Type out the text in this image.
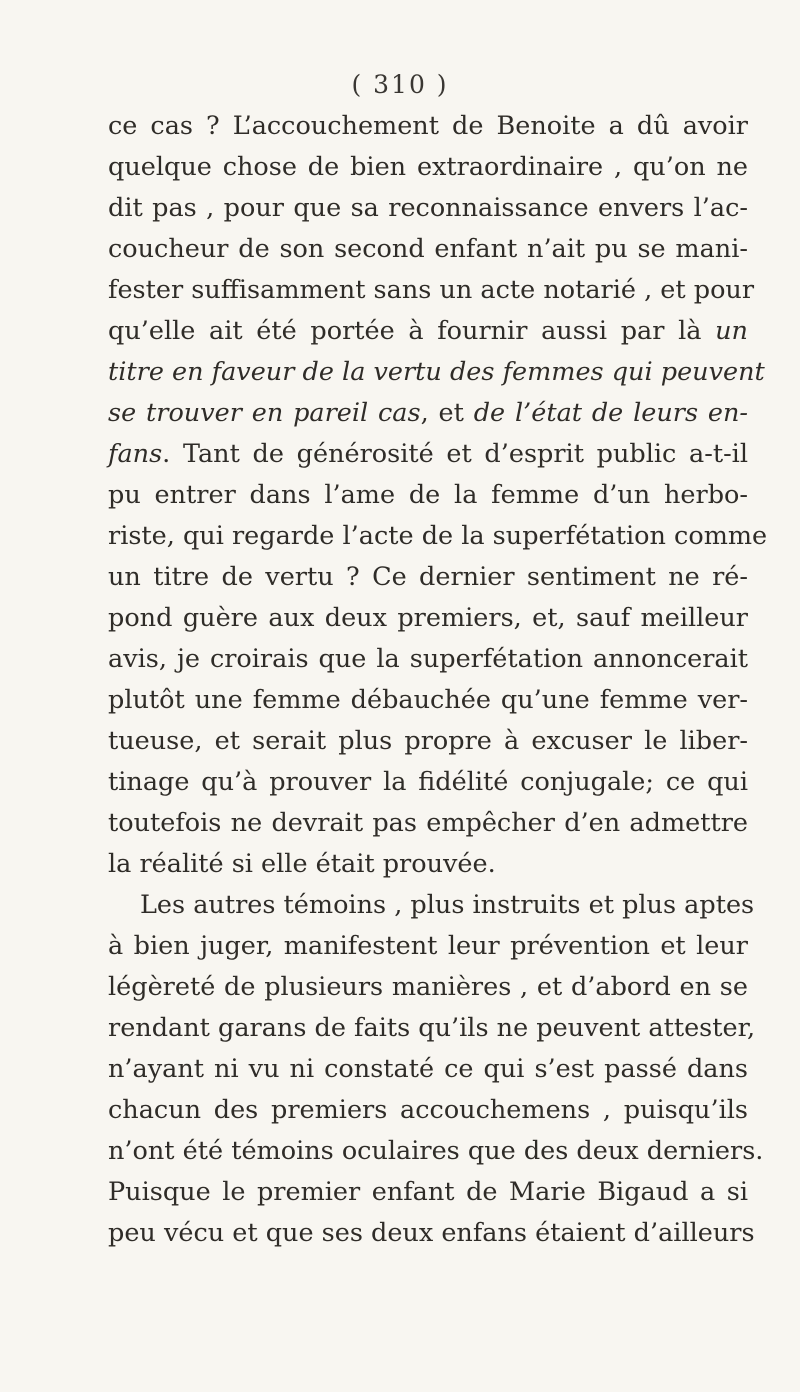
( 310 )
ce cas ? L’accouchement de Benoite a dû avoir
quelque chose de bien extraordinaire , qu’on ne
dit pas , pour que sa reconnaissance envers l’ac-
coucheur de son second enfant n’ait pu se mani-
fester suffisamment sans un acte notarié , et pour
qu’elle ait été portée à fournir aussi par là un
titre en faveur de la vertu des femmes qui peuvent
se trouver en pareil cas, et de l’état de leurs en-
fans. Tant de générosité et d’esprit public a-t-il
pu entrer dans l’ame de la femme d’un herbo-
riste, qui regarde l’acte de la superfétation comme
un titre de vertu ? Ce dernier sentiment ne ré-
pond guère aux deux premiers, et, sauf meilleur
avis, je croirais que la superfétation annoncerait
plutôt une femme débauchée qu’une femme ver-
tueuse, et serait plus propre à excuser le liber-
tinage qu’à prouver la fidélité conjugale; ce qui
toutefois ne devrait pas empêcher d’en admettre
la réalité si elle était prouvée.
Les autres témoins , plus instruits et plus aptes
à bien juger, manifestent leur prévention et leur
légèreté de plusieurs manières , et d’abord en se
rendant garans de faits qu’ils ne peuvent attester,
n’ayant ni vu ni constaté ce qui s’est passé dans
chacun des premiers accouchemens , puisqu’ils
n’ont été témoins oculaires que des deux derniers.
Puisque le premier enfant de Marie Bigaud a si
peu vécu et que ses deux enfans étaient d’ailleurs
